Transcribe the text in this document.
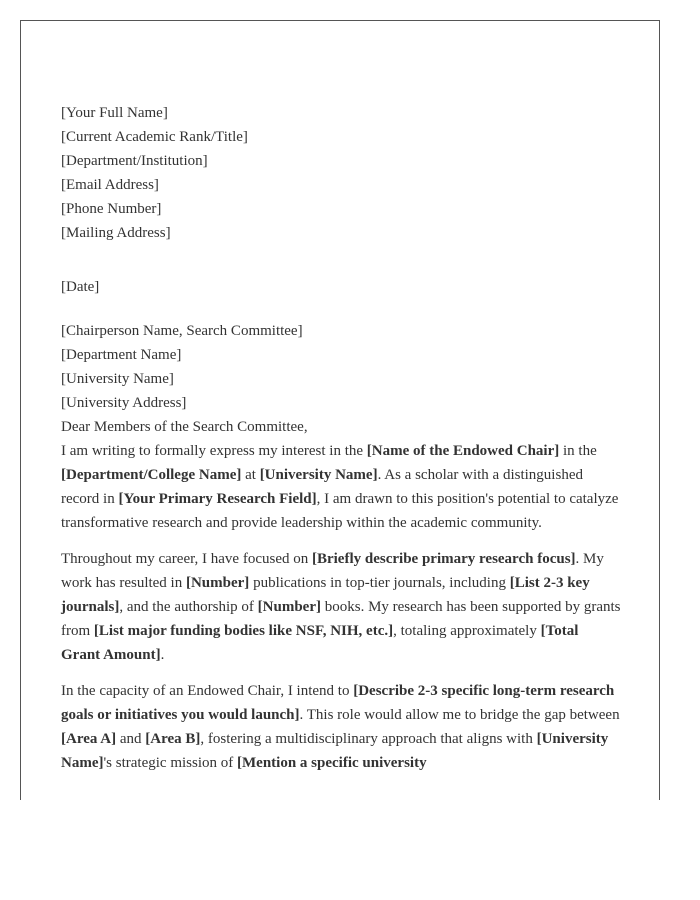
[Your Full Name]
[Current Academic Rank/Title]
[Department/Institution]
[Email Address]
[Phone Number]
[Mailing Address]
[Date]
[Chairperson Name, Search Committee]
[Department Name]
[University Name]
[University Address]
Dear Members of the Search Committee,

I am writing to formally express my interest in the [Name of the Endowed Chair] in the [Department/College Name] at [University Name]. As a scholar with a distinguished record in [Your Primary Research Field], I am drawn to this position's potential to catalyze transformative research and provide leadership within the academic community.

Throughout my career, I have focused on [Briefly describe primary research focus]. My work has resulted in [Number] publications in top-tier journals, including [List 2-3 key journals], and the authorship of [Number] books. My research has been supported by grants from [List major funding bodies like NSF, NIH, etc.], totaling approximately [Total Grant Amount].

In the capacity of an Endowed Chair, I intend to [Describe 2-3 specific long-term research goals or initiatives you would launch]. This role would allow me to bridge the gap between [Area A] and [Area B], fostering a multidisciplinary approach that aligns with [University Name]'s strategic mission of [Mention a specific university
